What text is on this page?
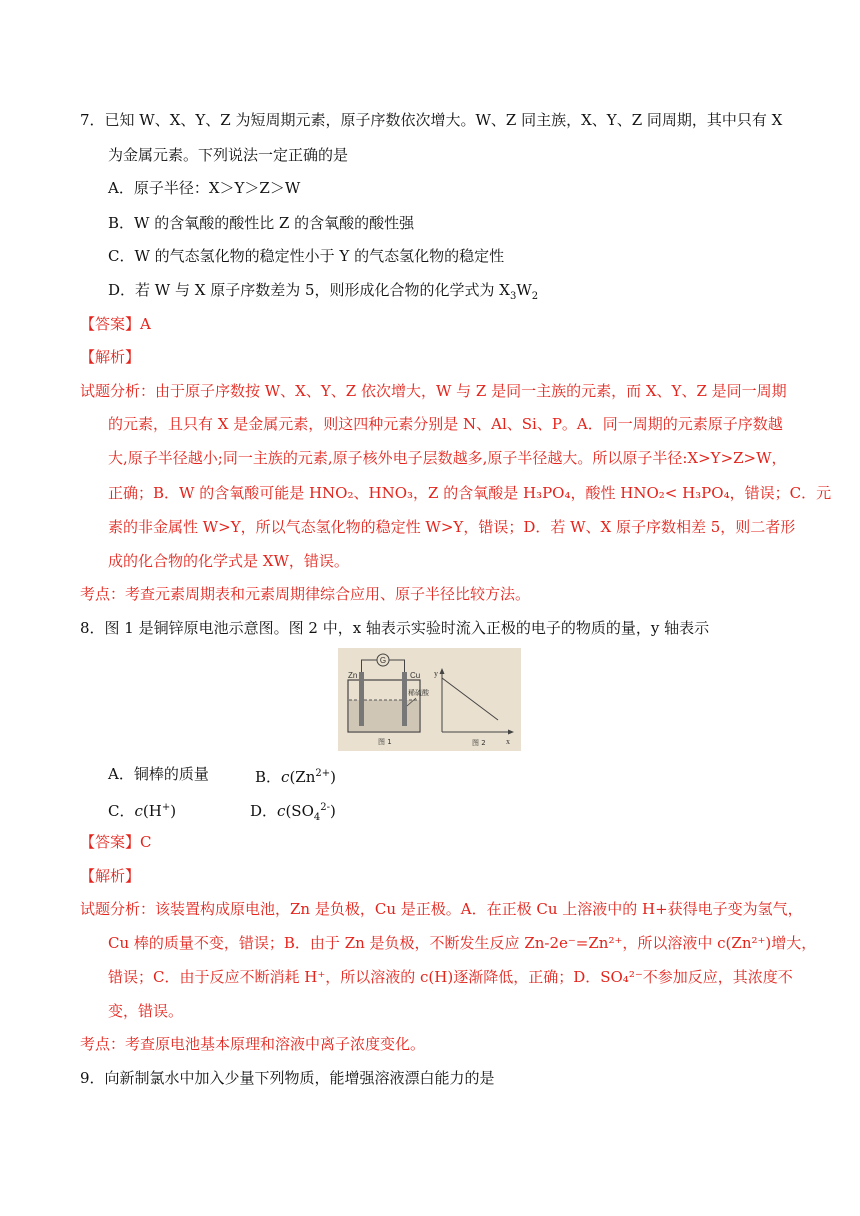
7．已知 W、X、Y、Z 为短周期元素，原子序数依次增大。W、Z 同主族，X、Y、Z 同周期，其中只有 X
为金属元素。下列说法一定正确的是
A．原子半径：X＞Y＞Z＞W
B．W 的含氧酸的酸性比 Z 的含氧酸的酸性强
C．W 的气态氢化物的稳定性小于 Y 的气态氢化物的稳定性
D．若 W 与 X 原子序数差为 5，则形成化合物的化学式为 $X_3W_2$
【答案】A
【解析】
试题分析：由于原子序数按 W、X、Y、Z 依次增大，W 与 Z 是同一主族的元素，而 X、Y、Z 是同一周期
的元素，且只有 X 是金属元素，则这四种元素分别是 N、Al、Si、P。A．同一周期的元素原子序数越
大,原子半径越小;同一主族的元素,原子核外电子层数越多,原子半径越大。所以原子半径:X>Y>Z>W，
正确；B．W 的含氧酸可能是 HNO₂、HNO₃，Z 的含氧酸是 H₃PO₄，酸性 HNO₂< H₃PO₄，错误；C．元
素的非金属性 W>Y，所以气态氢化物的稳定性 W>Y，错误；D．若 W、X 原子序数相差 5，则二者形
成的化合物的化学式是 XW，错误。
考点：考查元素周期表和元素周期律综合应用、原子半径比较方法。
8．图 1 是铜锌原电池示意图。图 2 中，x 轴表示实验时流入正极的电子的物质的量，y 轴表示
G
Zn	Cu
稀硫酸
图 1
y
x
图 2
A．铜棒的质量	B．$c(Zn^{2+})$
C．c(H+)	D．$c(SO_4^{2-})$
【答案】C
【解析】
试题分析：该装置构成原电池，Zn 是负极，Cu 是正极。A．在正极 Cu 上溶液中的 H+获得电子变为氢气，
Cu 棒的质量不变，错误；B．由于 Zn 是负极，不断发生反应 Zn-2e⁻=Zn²⁺，所以溶液中 c(Zn²⁺)增大，
错误；C．由于反应不断消耗 H⁺，所以溶液的 c(H)逐渐降低，正确；D．SO₄²⁻不参加反应，其浓度不
变，错误。
考点：考查原电池基本原理和溶液中离子浓度变化。
9．向新制氯水中加入少量下列物质，能增强溶液漂白能力的是
